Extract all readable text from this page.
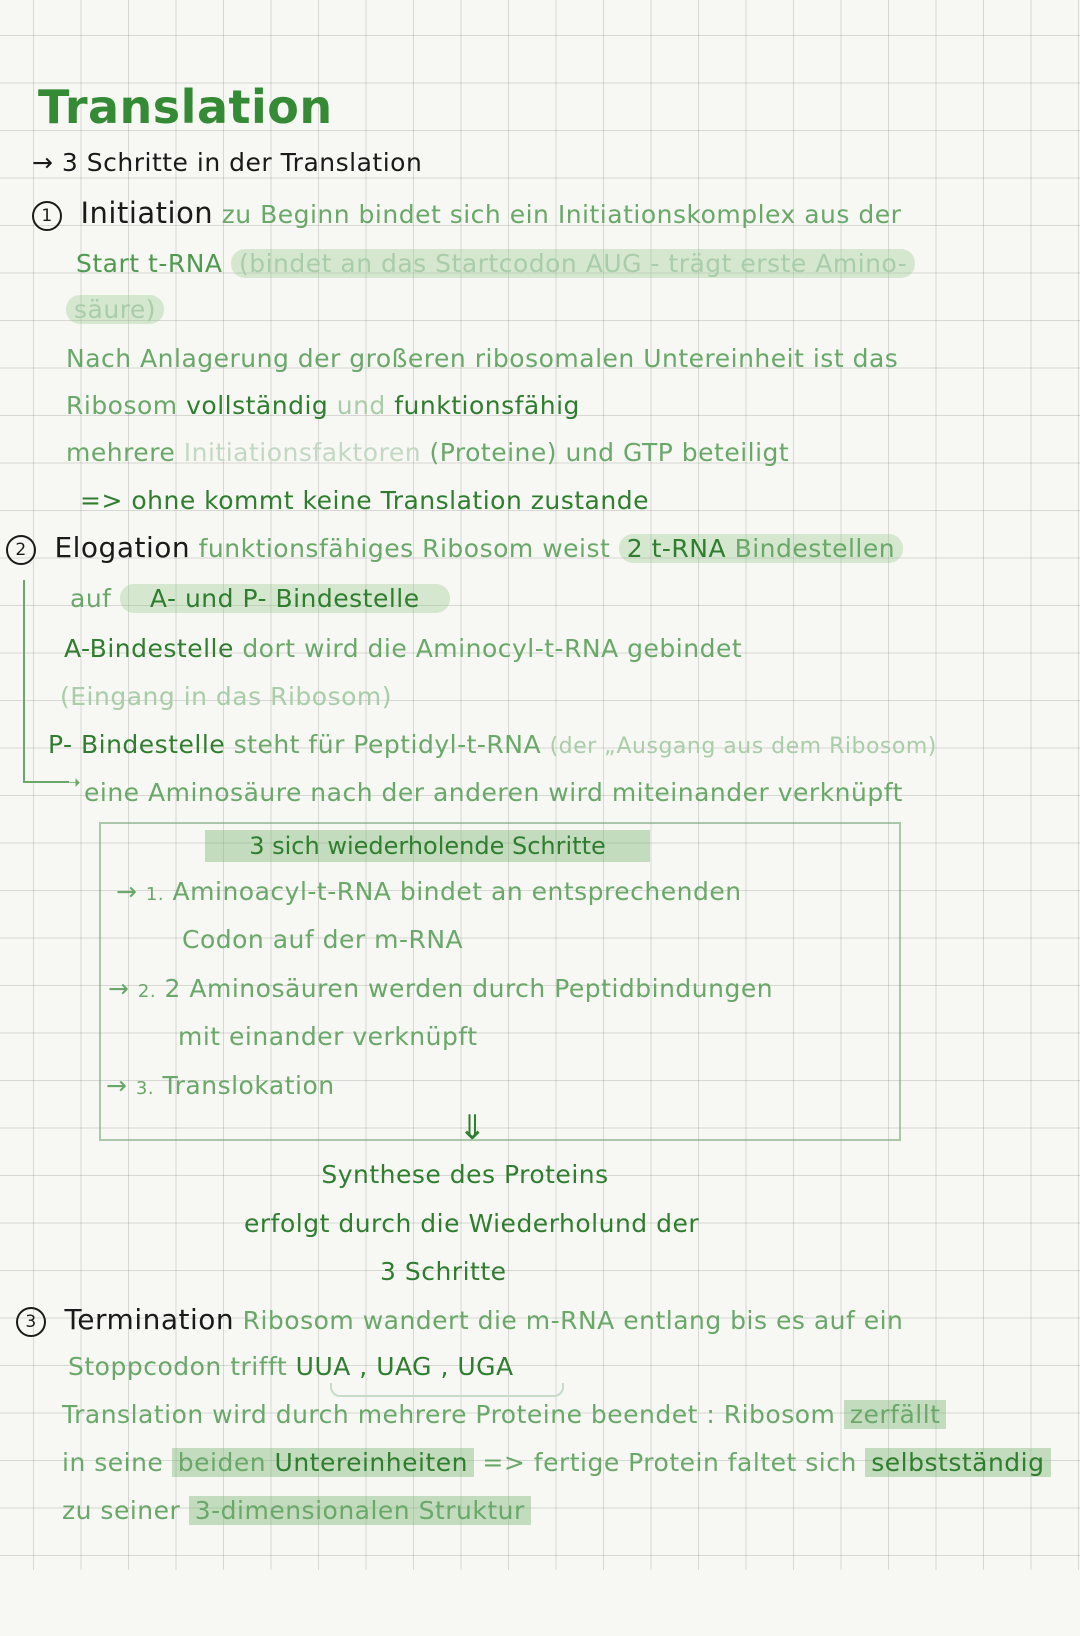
Translation
→ 3 Schritte in der Translation
1 Initiation zu Beginn bindet sich ein Initiationskomplex aus der
Start t-RNA (bindet an das Startcodon AUG - trägt erste Amino-
säure)
Nach Anlagerung der großeren ribosomalen Untereinheit ist das
Ribosom vollständig und funktionsfähig
mehrere Initiationsfaktoren (Proteine) und GTP beteiligt
=> ohne kommt keine Translation zustande
2 Elogation funktionsfähiges Ribosom weist 2 t-RNA Bindestellen
➝
auf A- und P- Bindestelle
A-Bindestelle dort wird die Aminocyl-t-RNA gebindet
(Eingang in das Ribosom)
P- Bindestelle steht für Peptidyl-t-RNA (der „Ausgang aus dem Ribosom)
eine Aminosäure nach der anderen wird miteinander verknüpft
3 sich wiederholende Schritte
→ 1. Aminoacyl-t-RNA bindet an entsprechenden
Codon auf der m-RNA
→ 2. 2 Aminosäuren werden durch Peptidbindungen
mit einander verknüpft
→ 3. Translokation
⇓
Synthese des Proteins
erfolgt durch die Wiederholund der
3 Schritte
3 Termination Ribosom wandert die m-RNA entlang bis es auf ein
Stoppcodon trifft UUA , UAG , UGA
Translation wird durch mehrere Proteine beendet : Ribosom zerfällt
in seine beiden Untereinheiten => fertige Protein faltet sich selbstständig
zu seiner 3-dimensionalen Struktur
